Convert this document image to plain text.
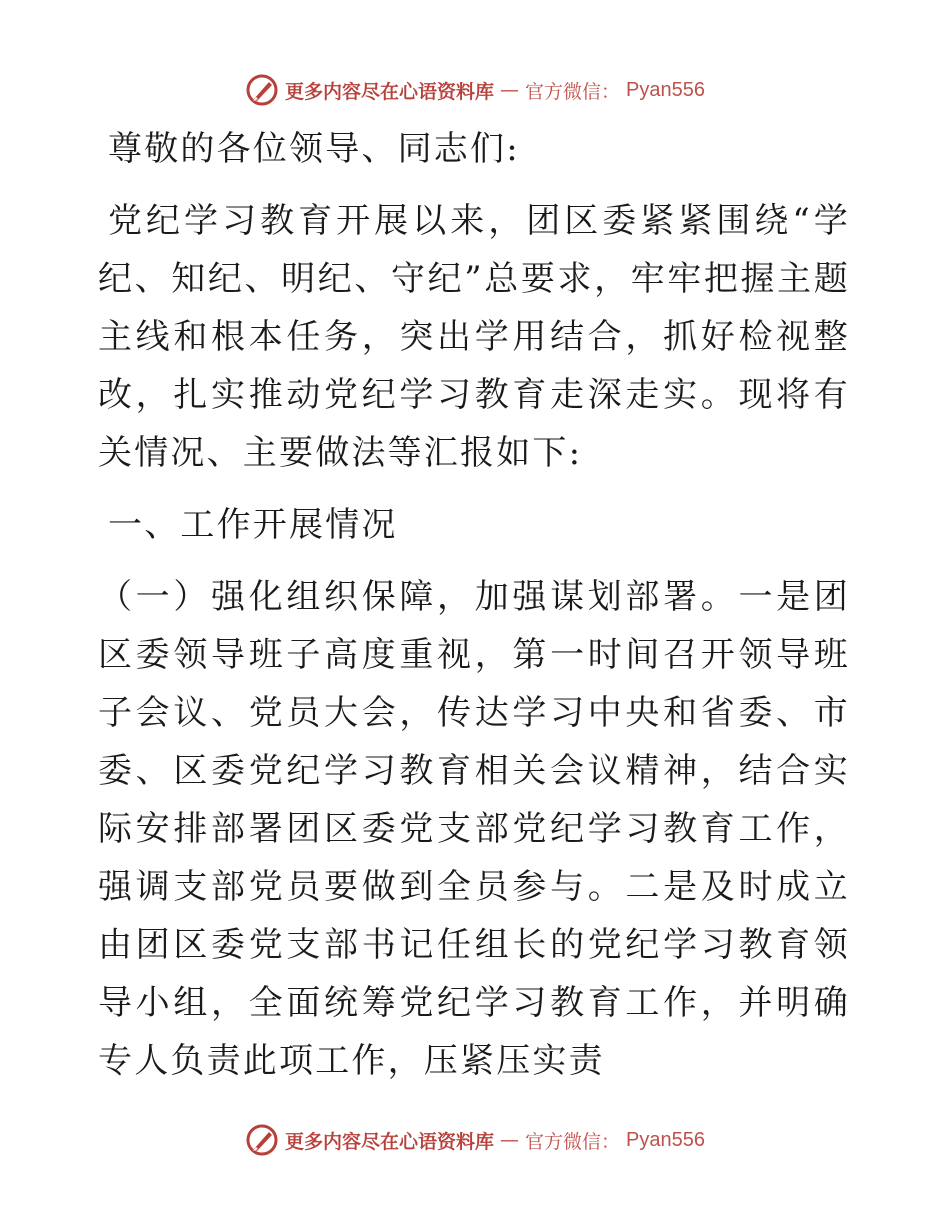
更多内容尽在心语资料库 — 官方微信： Pyan556

尊敬的各位领导、同志们:

党纪学习教育开展以来，团区委紧紧围绕“学纪、知纪、明纪、守纪”总要求，牢牢把握主题主线和根本任务，突出学用结合，抓好检视整改，扎实推动党纪学习教育走深走实。现将有关情况、主要做法等汇报如下:

一、工作开展情况

（一）强化组织保障，加强谋划部署。一是团区委领导班子高度重视，第一时间召开领导班子会议、党员大会，传达学习中央和省委、市委、区委党纪学习教育相关会议精神，结合实际安排部署团区委党支部党纪学习教育工作，强调支部党员要做到全员参与。二是及时成立由团区委党支部书记任组长的党纪学习教育领导小组，全面统筹党纪学习教育工作，并明确专人负责此项工作，压紧压实责

更多内容尽在心语资料库 — 官方微信： Pyan556
